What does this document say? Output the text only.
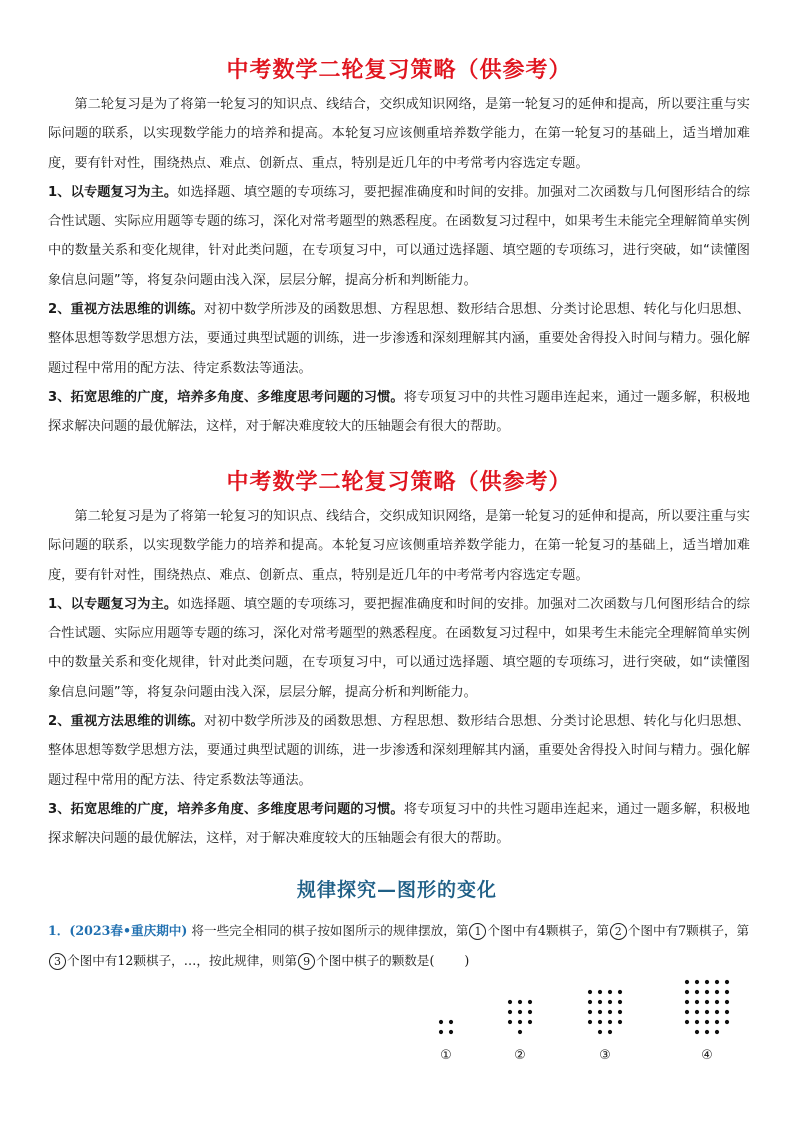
中考数学二轮复习策略（供参考）

第二轮复习是为了将第一轮复习的知识点、线结合，交织成知识网络，是第一轮复习的延伸和提高，所以要注重与实际问题的联系，以实现数学能力的培养和提高。本轮复习应该侧重培养数学能力，在第一轮复习的基础上，适当增加难度，要有针对性，围绕热点、难点、创新点、重点，特别是近几年的中考常考内容选定专题。

1、以专题复习为主。如选择题、填空题的专项练习，要把握准确度和时间的安排。加强对二次函数与几何图形结合的综合性试题、实际应用题等专题的练习，深化对常考题型的熟悉程度。在函数复习过程中，如果考生未能完全理解简单实例中的数量关系和变化规律，针对此类问题，在专项复习中，可以通过选择题、填空题的专项练习，进行突破，如“读懂图象信息问题”等，将复杂问题由浅入深，层层分解，提高分析和判断能力。

2、重视方法思维的训练。对初中数学所涉及的函数思想、方程思想、数形结合思想、分类讨论思想、转化与化归思想、整体思想等数学思想方法，要通过典型试题的训练，进一步渗透和深刻理解其内涵，重要处舍得投入时间与精力。强化解题过程中常用的配方法、待定系数法等通法。

3、拓宽思维的广度，培养多角度、多维度思考问题的习惯。将专项复习中的共性习题串连起来，通过一题多解，积极地探求解决问题的最优解法，这样，对于解决难度较大的压轴题会有很大的帮助。

中考数学二轮复习策略（供参考）

第二轮复习是为了将第一轮复习的知识点、线结合，交织成知识网络，是第一轮复习的延伸和提高，所以要注重与实际问题的联系，以实现数学能力的培养和提高。本轮复习应该侧重培养数学能力，在第一轮复习的基础上，适当增加难度，要有针对性，围绕热点、难点、创新点、重点，特别是近几年的中考常考内容选定专题。

1、以专题复习为主。如选择题、填空题的专项练习，要把握准确度和时间的安排。加强对二次函数与几何图形结合的综合性试题、实际应用题等专题的练习，深化对常考题型的熟悉程度。在函数复习过程中，如果考生未能完全理解简单实例中的数量关系和变化规律，针对此类问题，在专项复习中，可以通过选择题、填空题的专项练习，进行突破，如“读懂图象信息问题”等，将复杂问题由浅入深，层层分解，提高分析和判断能力。

2、重视方法思维的训练。对初中数学所涉及的函数思想、方程思想、数形结合思想、分类讨论思想、转化与化归思想、整体思想等数学思想方法，要通过典型试题的训练，进一步渗透和深刻理解其内涵，重要处舍得投入时间与精力。强化解题过程中常用的配方法、待定系数法等通法。

3、拓宽思维的广度，培养多角度、多维度思考问题的习惯。将专项复习中的共性习题串连起来，通过一题多解，积极地探求解决问题的最优解法，这样，对于解决难度较大的压轴题会有很大的帮助。

规律探究—图形的变化
1．(2023春•重庆期中) 将一些完全相同的棋子按如图所示的规律摆放，第 1 个图中有4颗棋子，第 2 个图中有7颗棋子，第3 个图中有12颗棋子，…，按此规律，则第 9 个图中棋子的颗数是( )
①	②	③	④
